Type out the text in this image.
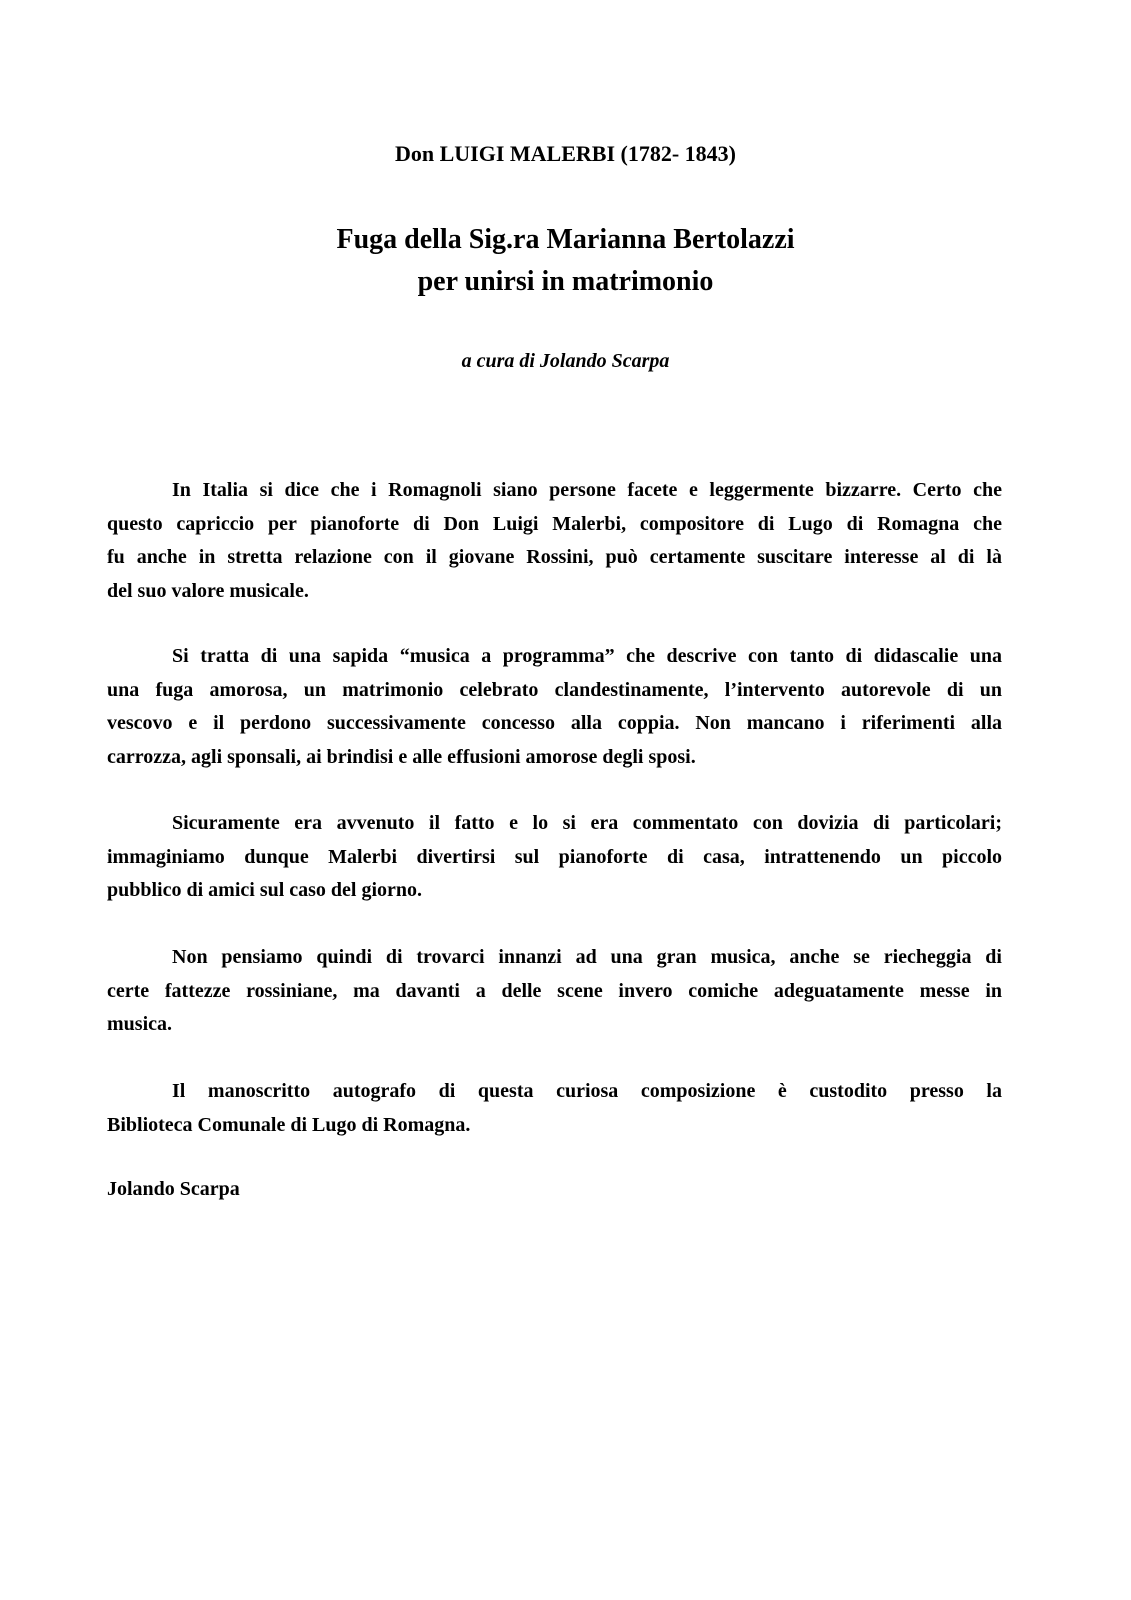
Don LUIGI MALERBI (1782- 1843)
Fuga della Sig.ra Marianna Bertolazzi
per unirsi in matrimonio
a cura di Jolando Scarpa
In Italia si dice che i Romagnoli siano persone facete e leggermente bizzarre. Certo che
questo capriccio per pianoforte di Don Luigi Malerbi, compositore di Lugo di Romagna che
fu anche in stretta relazione con il giovane Rossini, può certamente suscitare interesse al di là
del suo valore musicale.
Si tratta di una sapida “musica a programma” che descrive con tanto di didascalie una
una fuga amorosa, un matrimonio celebrato clandestinamente, l’intervento autorevole di un
vescovo e il perdono successivamente concesso alla coppia. Non mancano i riferimenti alla
carrozza, agli sponsali, ai brindisi e alle effusioni amorose degli sposi.
Sicuramente era avvenuto il fatto e lo si era commentato con dovizia di particolari;
immaginiamo dunque Malerbi divertirsi sul pianoforte di casa, intrattenendo un piccolo
pubblico di amici sul caso del giorno.
Non pensiamo quindi di trovarci innanzi ad una gran musica, anche se riecheggia di
certe fattezze rossiniane, ma davanti a delle scene invero comiche adeguatamente messe in
musica.
Il manoscritto autografo di questa curiosa composizione è custodito presso la
Biblioteca Comunale di Lugo di Romagna.
Jolando Scarpa
